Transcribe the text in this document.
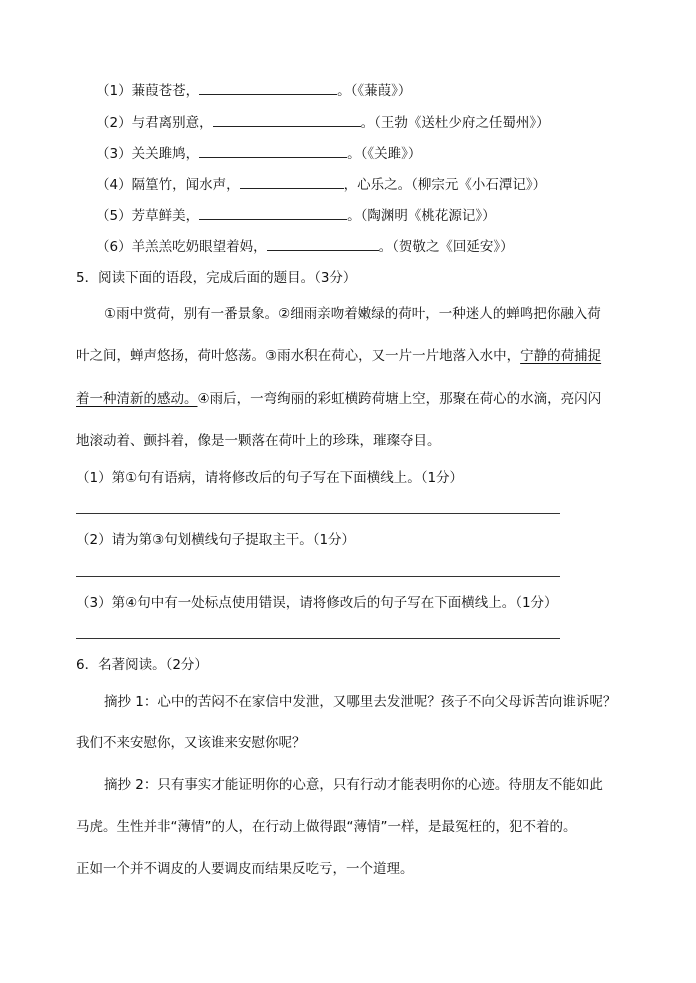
（1）蒹葭苍苍，	。（《蒹葭》）
（2）与君离别意，	。（王勃《送杜少府之任蜀州》）
（3）关关雎鸠，	。（《关雎》）
（4）隔篁竹，闻水声，	，心乐之。（柳宗元《小石潭记》）
（5）芳草鲜美，	。（陶渊明《桃花源记》）
（6）羊羔羔吃奶眼望着妈，	。（贺敬之《回延安》）
5．阅读下面的语段，完成后面的题目。（3分）
①雨中赏荷，别有一番景象。②细雨亲吻着嫩绿的荷叶，一种迷人的蝉鸣把你融入荷
叶之间，蝉声悠扬，荷叶悠荡。③雨水积在荷心，又一片一片地落入水中，宁静的荷捕捉
着一种清新的感动。④雨后，一弯绚丽的彩虹横跨荷塘上空，那聚在荷心的水滴，亮闪闪
地滚动着、颤抖着，像是一颗落在荷叶上的珍珠，璀璨夺目。
（1）第①句有语病，请将修改后的句子写在下面横线上。（1分）
（2）请为第③句划横线句子提取主干。（1分）
（3）第④句中有一处标点使用错误，请将修改后的句子写在下面横线上。（1分）
6．名著阅读。（2分）
摘抄 1：心中的苦闷不在家信中发泄，又哪里去发泄呢？孩子不向父母诉苦向谁诉呢？
我们不来安慰你，又该谁来安慰你呢？
摘抄 2：只有事实才能证明你的心意，只有行动才能表明你的心迹。待朋友不能如此
马虎。生性并非“薄情”的人，在行动上做得跟“薄情”一样，是最冤枉的，犯不着的。
正如一个并不调皮的人要调皮而结果反吃亏，一个道理。
